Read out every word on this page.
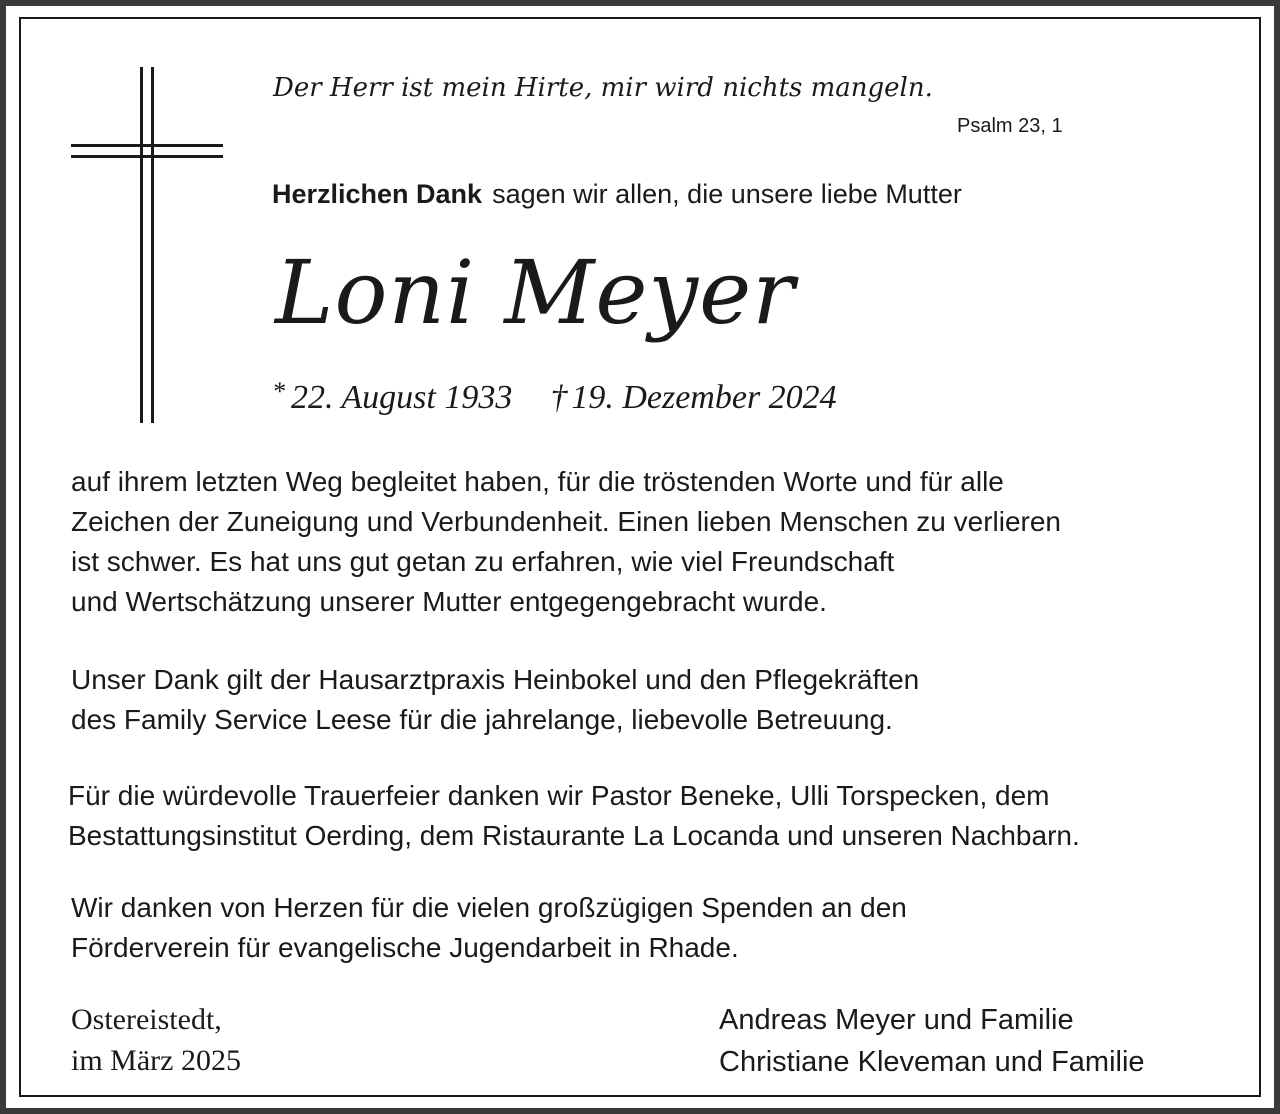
Der Herr ist mein Hirte, mir wird nichts mangeln.
Psalm 23, 1
Herzlichen Dank sagen wir allen, die unsere liebe Mutter
Loni Meyer
* 22. August 1933 † 19. Dezember 2024
auf ihrem letzten Weg begleitet haben, für die tröstenden Worte und für alle
Zeichen der Zuneigung und Verbundenheit. Einen lieben Menschen zu verlieren
ist schwer. Es hat uns gut getan zu erfahren, wie viel Freundschaft
und Wertschätzung unserer Mutter entgegengebracht wurde.
Unser Dank gilt der Hausarztpraxis Heinbokel und den Pflegekräften
des Family Service Leese für die jahrelange, liebevolle Betreuung.
Für die würdevolle Trauerfeier danken wir Pastor Beneke, Ulli Torspecken, dem
Bestattungsinstitut Oerding, dem Ristaurante La Locanda und unseren Nachbarn.
Wir danken von Herzen für die vielen großzügigen Spenden an den
Förderverein für evangelische Jugendarbeit in Rhade.
Ostereistedt,
im März 2025
Andreas Meyer und Familie
Christiane Kleveman und Familie
